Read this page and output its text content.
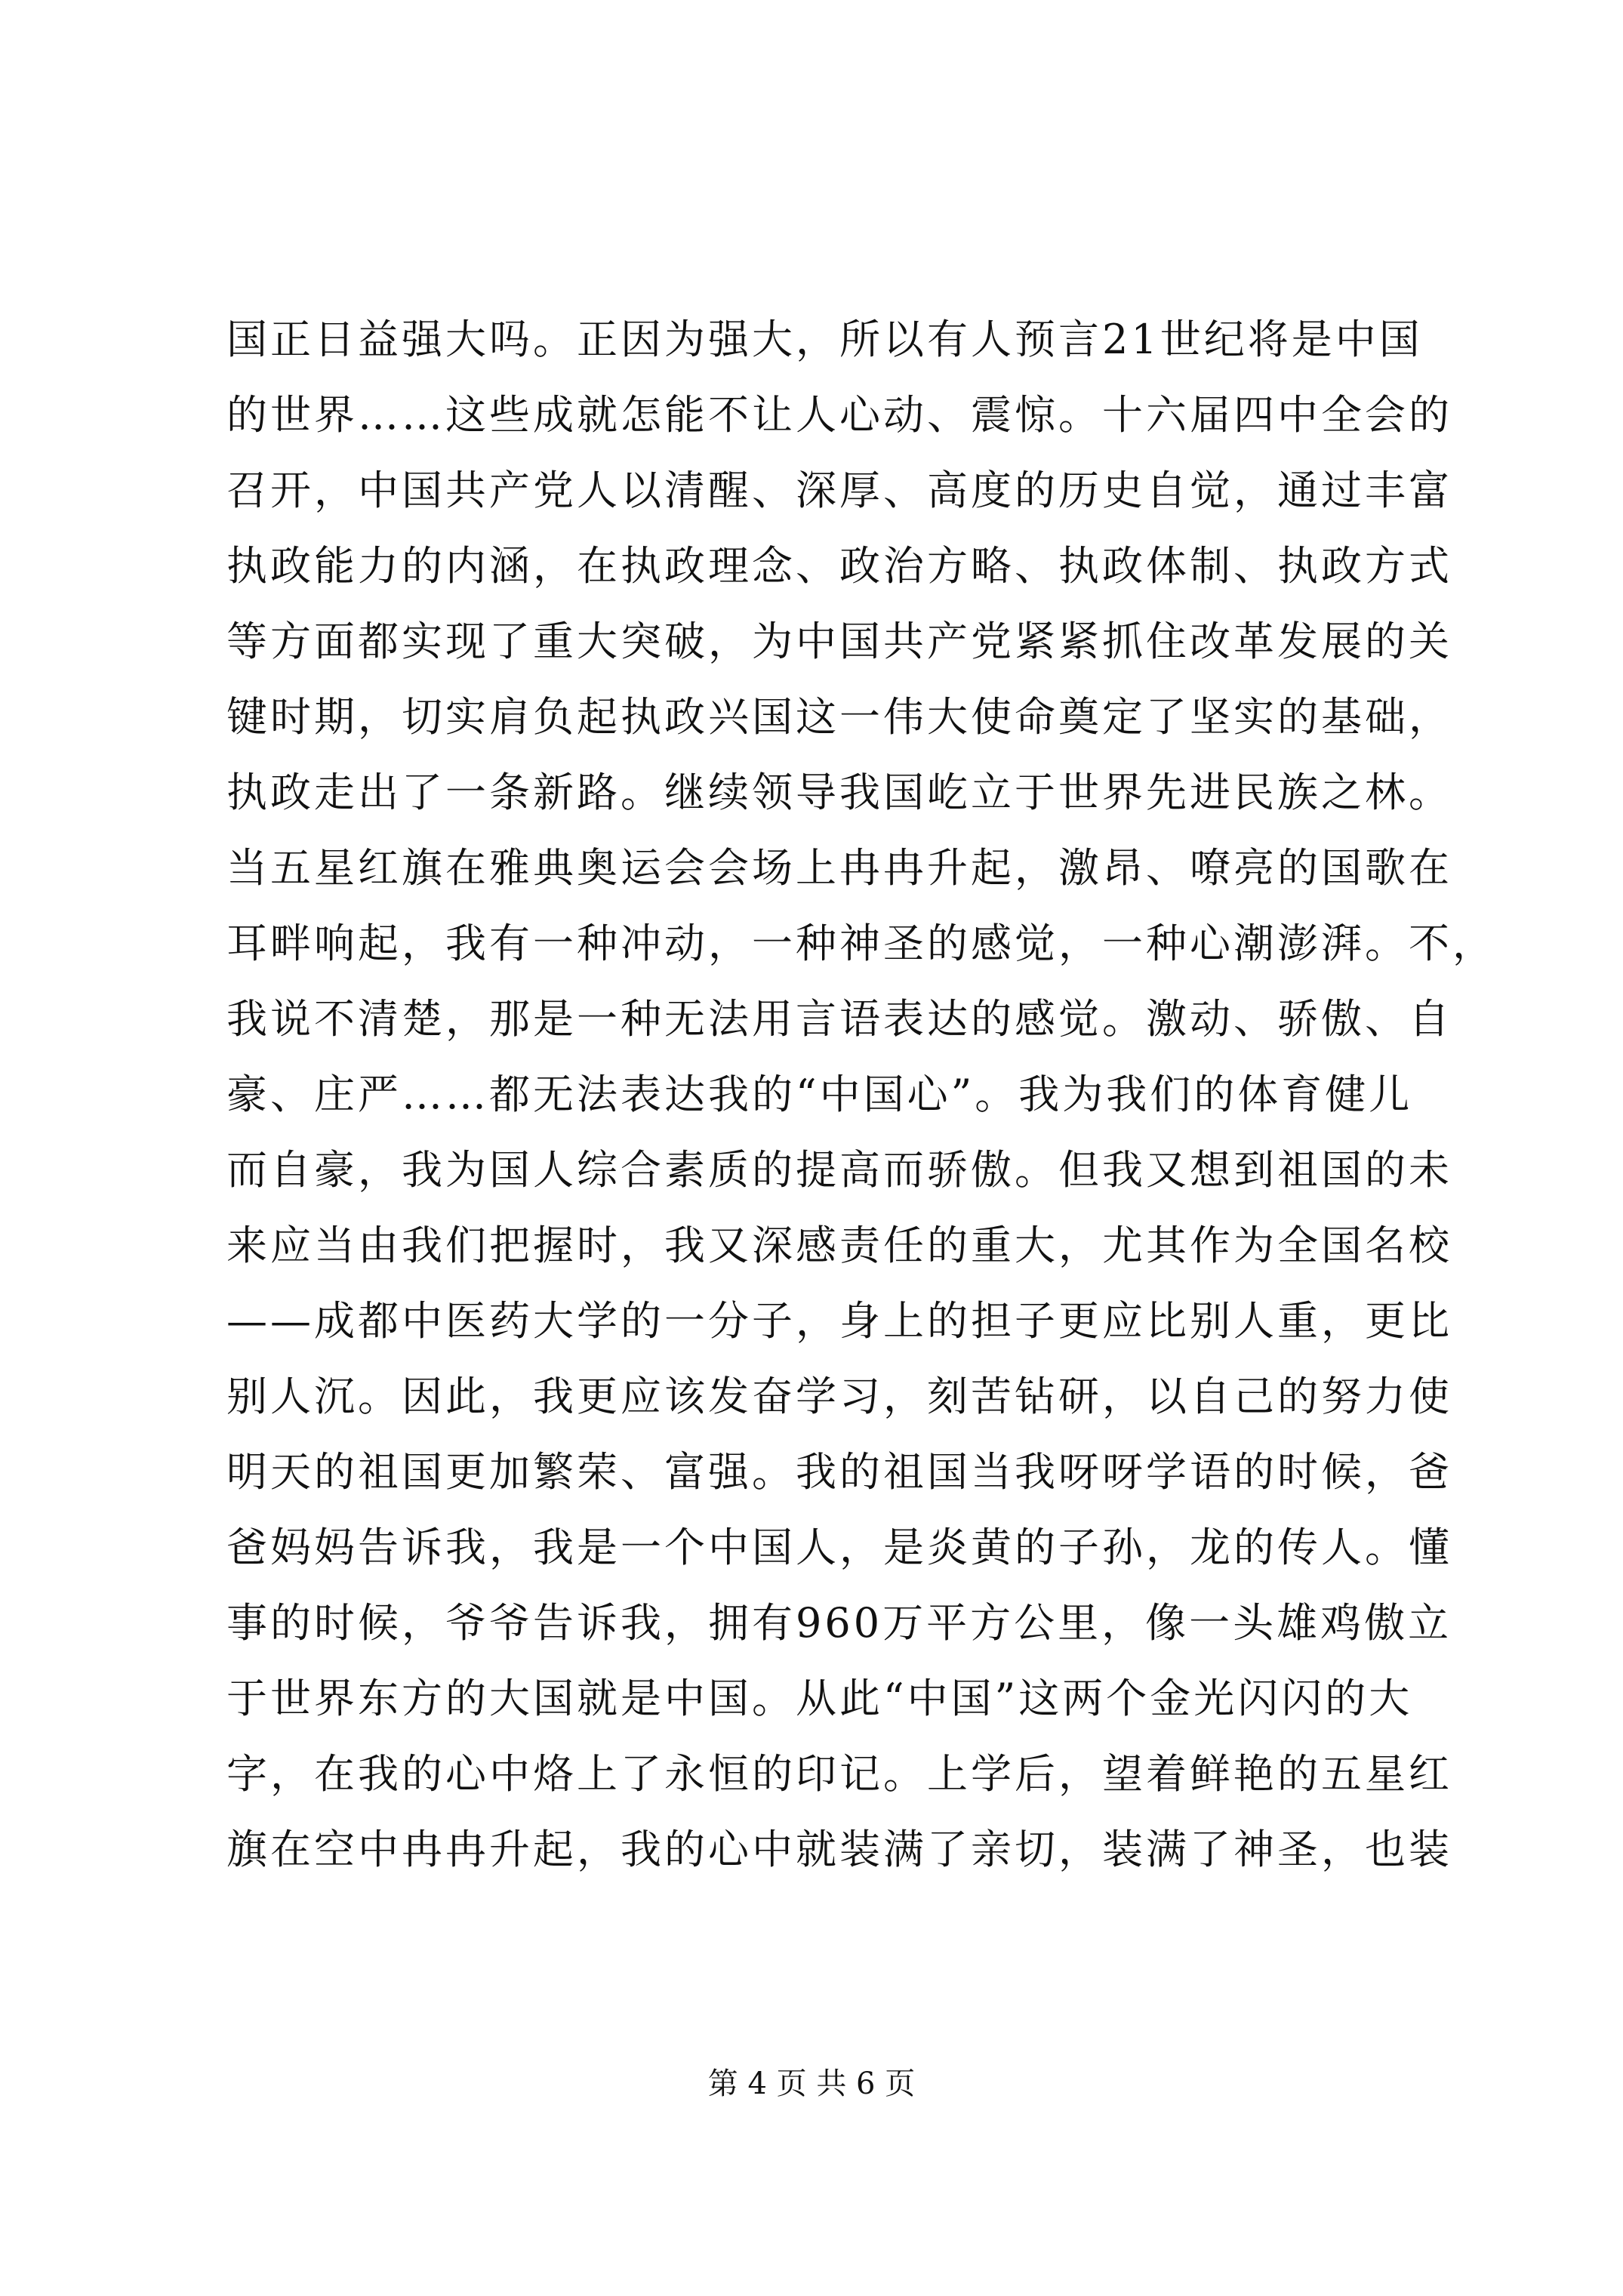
国正日益强大吗。正因为强大，所以有人预言21世纪将是中国
的世界……这些成就怎能不让人心动、震惊。十六届四中全会的
召开，中国共产党人以清醒、深厚、高度的历史自觉，通过丰富
执政能力的内涵，在执政理念、政治方略、执政体制、执政方式
等方面都实现了重大突破，为中国共产党紧紧抓住改革发展的关
键时期，切实肩负起执政兴国这一伟大使命奠定了坚实的基础，
执政走出了一条新路。继续领导我国屹立于世界先进民族之林。
当五星红旗在雅典奥运会会场上冉冉升起，激昂、嘹亮的国歌在
耳畔响起，我有一种冲动，一种神圣的感觉，一种心潮澎湃。不，
我说不清楚，那是一种无法用言语表达的感觉。激动、骄傲、自
豪、庄严……都无法表达我的“中国心”。我为我们的体育健儿
而自豪，我为国人综合素质的提高而骄傲。但我又想到祖国的未
来应当由我们把握时，我又深感责任的重大，尤其作为全国名校
——成都中医药大学的一分子，身上的担子更应比别人重，更比
别人沉。因此，我更应该发奋学习，刻苦钻研，以自己的努力使
明天的祖国更加繁荣、富强。我的祖国当我呀呀学语的时候，爸
爸妈妈告诉我，我是一个中国人，是炎黄的子孙，龙的传人。懂
事的时候，爷爷告诉我，拥有960万平方公里，像一头雄鸡傲立
于世界东方的大国就是中国。从此“中国”这两个金光闪闪的大
字，在我的心中烙上了永恒的印记。上学后，望着鲜艳的五星红
旗在空中冉冉升起，我的心中就装满了亲切，装满了神圣，也装
第 4 页 共 6 页
